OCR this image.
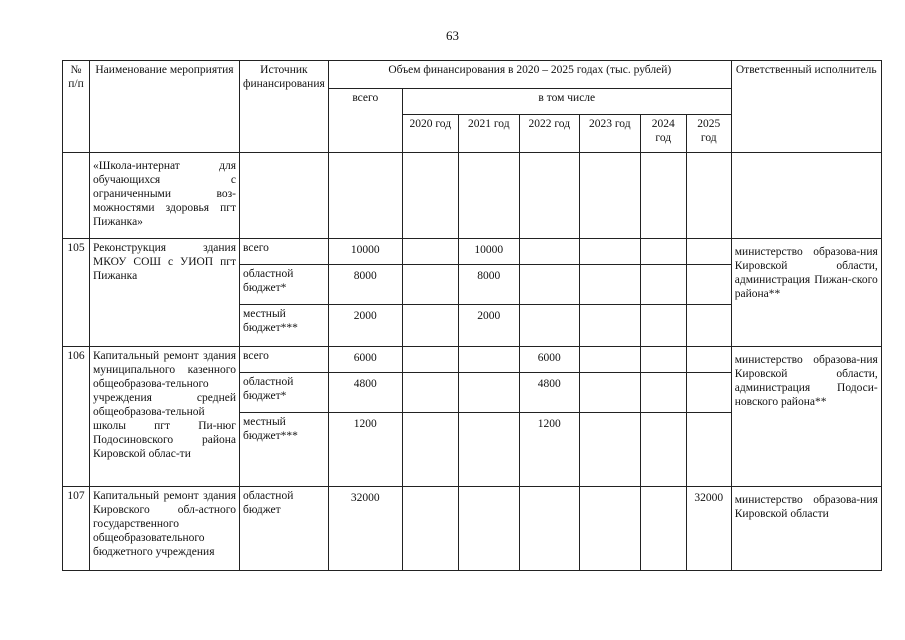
63
№
п/п	Наименование мероприятия	Источник финансирования	Объем финансирования в 2020 – 2025 годах (тыс. рублей)							Ответственный исполнитель
			всего	в том числе						
				2020 год	2021 год	2022 год	2023 год	2024 год	2025 год	
	«Школа-интернат для обучающихся с ограниченными воз-можностями здоровья пгт Пижанка»									
105	Реконструкция здания МКОУ СОШ с УИОП пгт Пижанка	всего	10000		10000					министерство образова-ния Кировской области, администрация Пижан-ского района**
		областной бюджет*	8000		8000					
		местный бюджет***	2000		2000					
106	Капитальный ремонт здания муниципального казенного общеобразова-тельного учреждения средней общеобразова-тельной школы пгт Пи-нюг Подосиновского района Кировской облас-ти	всего	6000			6000				министерство образова-ния Кировской области, администрация Подоси-новского района**
		областной бюджет*	4800			4800				
		местный бюджет***	1200			1200				
107	Капитальный ремонт здания Кировского обл-астного государственного общеобразовательного бюджетного учреждения	областной бюджет	32000						32000	министерство образова-ния Кировской области
